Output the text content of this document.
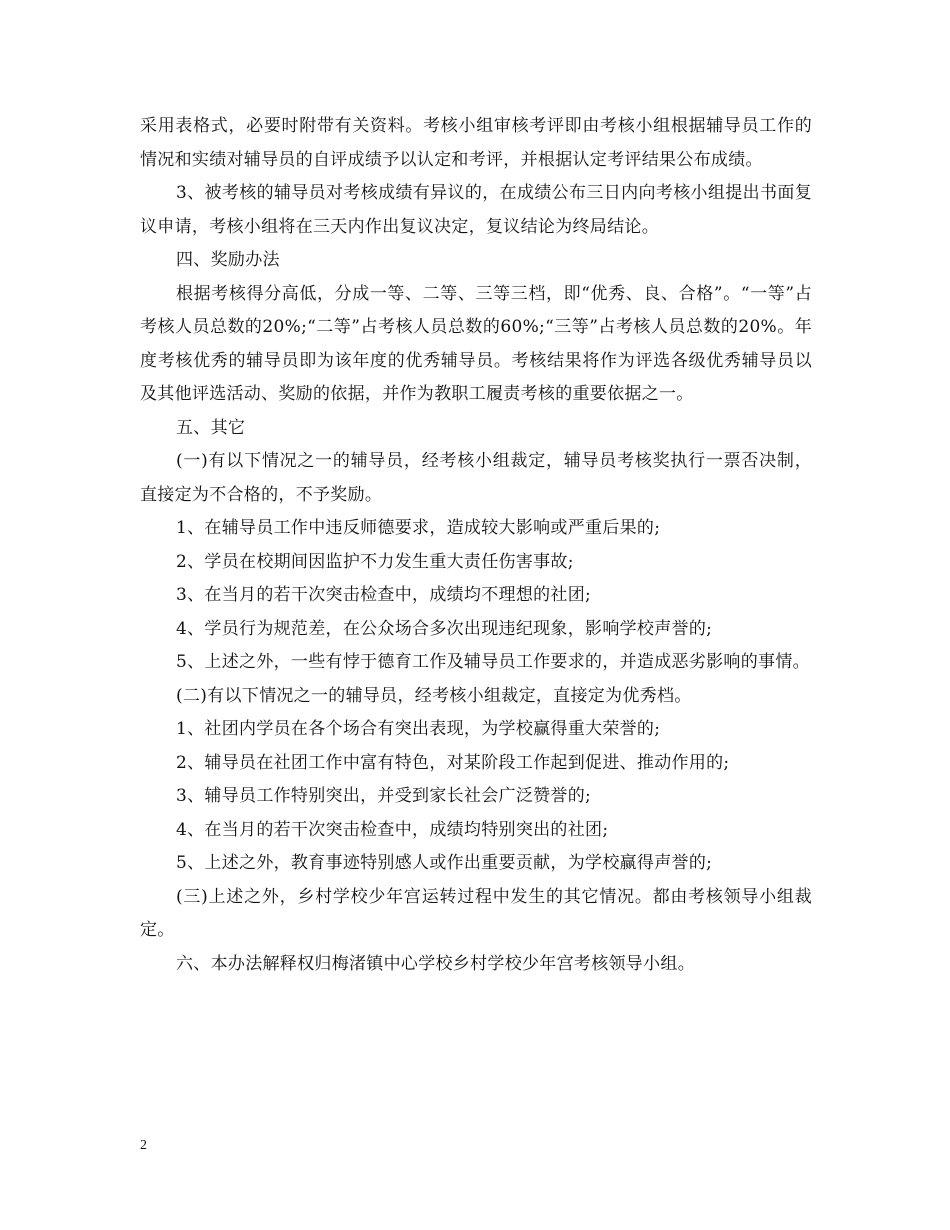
采用表格式，必要时附带有关资料。考核小组审核考评即由考核小组根据辅导员工作的情况和实绩对辅导员的自评成绩予以认定和考评，并根据认定考评结果公布成绩。

3、被考核的辅导员对考核成绩有异议的，在成绩公布三日内向考核小组提出书面复议申请，考核小组将在三天内作出复议决定，复议结论为终局结论。

四、奖励办法

根据考核得分高低，分成一等、二等、三等三档，即“优秀、良、合格”。“一等”占考核人员总数的20%;“二等”占考核人员总数的60%;“三等”占考核人员总数的20%。年度考核优秀的辅导员即为该年度的优秀辅导员。考核结果将作为评选各级优秀辅导员以及其他评选活动、奖励的依据，并作为教职工履责考核的重要依据之一。

五、其它

(一)有以下情况之一的辅导员，经考核小组裁定，辅导员考核奖执行一票否决制，直接定为不合格的，不予奖励。

1、在辅导员工作中违反师德要求，造成较大影响或严重后果的;

2、学员在校期间因监护不力发生重大责任伤害事故;

3、在当月的若干次突击检查中，成绩均不理想的社团;

4、学员行为规范差，在公众场合多次出现违纪现象，影响学校声誉的;

5、上述之外，一些有悖于德育工作及辅导员工作要求的，并造成恶劣影响的事情。

(二)有以下情况之一的辅导员，经考核小组裁定，直接定为优秀档。

1、社团内学员在各个场合有突出表现，为学校赢得重大荣誉的;

2、辅导员在社团工作中富有特色，对某阶段工作起到促进、推动作用的;

3、辅导员工作特别突出，并受到家长社会广泛赞誉的;

4、在当月的若干次突击检查中，成绩均特别突出的社团;

5、上述之外，教育事迹特别感人或作出重要贡献，为学校赢得声誉的;

(三)上述之外，乡村学校少年宫运转过程中发生的其它情况。都由考核领导小组裁定。

六、本办法解释权归梅渚镇中心学校乡村学校少年宫考核领导小组。

2
